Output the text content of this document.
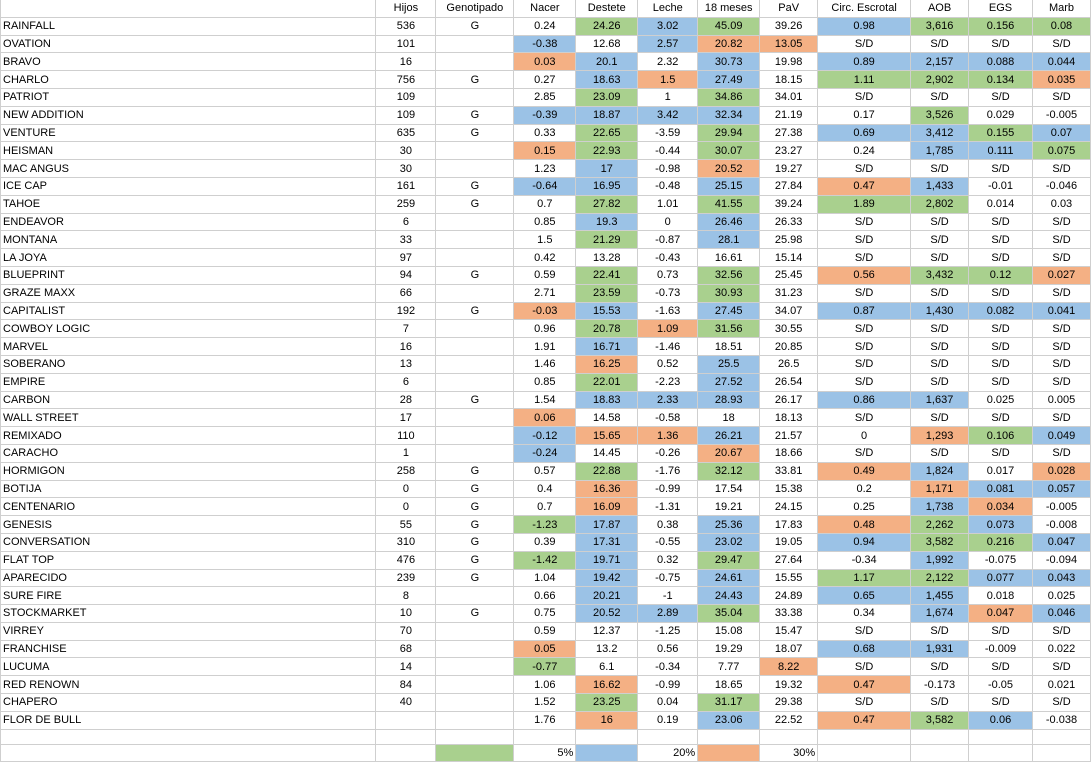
	Hijos	Genotipado	Nacer	Destete	Leche	18 meses	PaV	Circ. Escrotal	AOB	EGS	Marb
RAINFALL	536	G	0.24	24.26	3.02	45.09	39.26	0.98	3,616	0.156	0.08
OVATION	101		-0.38	12.68	2.57	20.82	13.05	S/D	S/D	S/D	S/D
BRAVO	16		0.03	20.1	2.32	30.73	19.98	0.89	2,157	0.088	0.044
CHARLO	756	G	0.27	18.63	1.5	27.49	18.15	1.11	2,902	0.134	0.035
PATRIOT	109		2.85	23.09	1	34.86	34.01	S/D	S/D	S/D	S/D
NEW ADDITION	109	G	-0.39	18.87	3.42	32.34	21.19	0.17	3,526	0.029	-0.005
VENTURE	635	G	0.33	22.65	-3.59	29.94	27.38	0.69	3,412	0.155	0.07
HEISMAN	30		0.15	22.93	-0.44	30.07	23.27	0.24	1,785	0.111	0.075
MAC ANGUS	30		1.23	17	-0.98	20.52	19.27	S/D	S/D	S/D	S/D
ICE CAP	161	G	-0.64	16.95	-0.48	25.15	27.84	0.47	1,433	-0.01	-0.046
TAHOE	259	G	0.7	27.82	1.01	41.55	39.24	1.89	2,802	0.014	0.03
ENDEAVOR	6		0.85	19.3	0	26.46	26.33	S/D	S/D	S/D	S/D
MONTANA	33		1.5	21.29	-0.87	28.1	25.98	S/D	S/D	S/D	S/D
LA JOYA	97		0.42	13.28	-0.43	16.61	15.14	S/D	S/D	S/D	S/D
BLUEPRINT	94	G	0.59	22.41	0.73	32.56	25.45	0.56	3,432	0.12	0.027
GRAZE MAXX	66		2.71	23.59	-0.73	30.93	31.23	S/D	S/D	S/D	S/D
CAPITALIST	192	G	-0.03	15.53	-1.63	27.45	34.07	0.87	1,430	0.082	0.041
COWBOY LOGIC	7		0.96	20.78	1.09	31.56	30.55	S/D	S/D	S/D	S/D
MARVEL	16		1.91	16.71	-1.46	18.51	20.85	S/D	S/D	S/D	S/D
SOBERANO	13		1.46	16.25	0.52	25.5	26.5	S/D	S/D	S/D	S/D
EMPIRE	6		0.85	22.01	-2.23	27.52	26.54	S/D	S/D	S/D	S/D
CARBON	28	G	1.54	18.83	2.33	28.93	26.17	0.86	1,637	0.025	0.005
WALL STREET	17		0.06	14.58	-0.58	18	18.13	S/D	S/D	S/D	S/D
REMIXADO	110		-0.12	15.65	1.36	26.21	21.57	0	1,293	0.106	0.049
CARACHO	1		-0.24	14.45	-0.26	20.67	18.66	S/D	S/D	S/D	S/D
HORMIGON	258	G	0.57	22.88	-1.76	32.12	33.81	0.49	1,824	0.017	0.028
BOTIJA	0	G	0.4	16.36	-0.99	17.54	15.38	0.2	1,171	0.081	0.057
CENTENARIO	0	G	0.7	16.09	-1.31	19.21	24.15	0.25	1,738	0.034	-0.005
GENESIS	55	G	-1.23	17.87	0.38	25.36	17.83	0.48	2,262	0.073	-0.008
CONVERSATION	310	G	0.39	17.31	-0.55	23.02	19.05	0.94	3,582	0.216	0.047
FLAT TOP	476	G	-1.42	19.71	0.32	29.47	27.64	-0.34	1,992	-0.075	-0.094
APARECIDO	239	G	1.04	19.42	-0.75	24.61	15.55	1.17	2,122	0.077	0.043
SURE FIRE	8		0.66	20.21	-1	24.43	24.89	0.65	1,455	0.018	0.025
STOCKMARKET	10	G	0.75	20.52	2.89	35.04	33.38	0.34	1,674	0.047	0.046
VIRREY	70		0.59	12.37	-1.25	15.08	15.47	S/D	S/D	S/D	S/D
FRANCHISE	68		0.05	13.2	0.56	19.29	18.07	0.68	1,931	-0.009	0.022
LUCUMA	14		-0.77	6.1	-0.34	7.77	8.22	S/D	S/D	S/D	S/D
RED RENOWN	84		1.06	16.62	-0.99	18.65	19.32	0.47	-0.173	-0.05	0.021
CHAPERO	40		1.52	23.25	0.04	31.17	29.38	S/D	S/D	S/D	S/D
FLOR DE BULL			1.76	16	0.19	23.06	22.52	0.47	3,582	0.06	-0.038

			5%		20%		30%				
